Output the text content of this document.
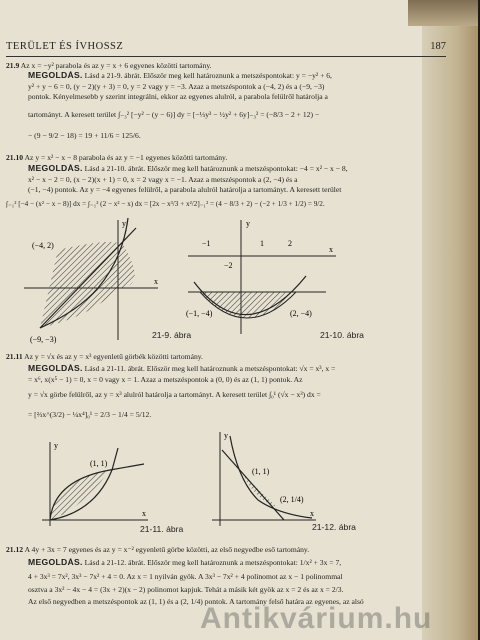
TERÜLET ÉS ÍVHOSSZ	187
21.9 Az x = −y² parabola és az y = x + 6 egyenes közötti tartomány.
MEGOLDÁS. Lásd a 21-9. ábrát. Először meg kell határoznunk a metszéspontokat: y = −y² + 6,
y² + y − 6 = 0, (y − 2)(y + 3) = 0, y = 2 vagy y = −3. Azaz a metszéspontok a (−4, 2) és a (−9, −3)
pontok. Kényelmesebb y szerint integrálni, ekkor az egyenes alulról, a parabola felülről határolja a
tartományt. A keresett terület ∫₋₃² [−y² − (y − 6)] dy = [−⅓y³ − ½y² + 6y]₋₃² = (−8/3 − 2 + 12) −
− (9 − 9/2 − 18) = 19 + 11/6 = 125/6.
21.10 Az y = x² − x − 8 parabola és az y = −1 egyenes közötti tartomány.
MEGOLDÁS. Lásd a 21-10. ábrát. Először meg kell határoznunk a metszéspontokat: −4 = x² − x − 8,
x² − x − 2 = 0, (x − 2)(x + 1) = 0, x = 2 vagy x = −1. Azaz a metszéspontok a (2, −4) és a
(−1, −4) pontok. Az y = −4 egyenes felülről, a parabola alulról határolja a tartományt. A keresett terület
∫₋₁² [−4 − (x² − x − 8)] dx = ∫₋₁² (2 − x² − x) dx = [2x − x³/3 + x²/2]₋₁² = (4 − 8/3 + 2) − (−2 + 1/3 + 1/2) = 9/2.
y
x
(−4, 2)
(−9, −3)	21-9. ábra
y
x
−1	1	2
−2
(−1, −4)	(2, −4)
21-10. ábra
21.11 Az y = √x és az y = x³ egyenletű görbék közötti tartomány.
MEGOLDÁS. Lásd a 21-11. ábrát. Először meg kell határoznunk a metszéspontokat: √x = x³, x =
= x⁶, x(x⁵ − 1) = 0, x = 0 vagy x = 1. Azaz a metszéspontok a (0, 0) és az (1, 1) pontok. Az
y = √x görbe felülről, az y = x³ alulról határolja a tartományt. A keresett terület ∫₀¹ (√x − x³) dx =
= [⅔x^(3/2) − ¼x⁴]₀¹ = 2/3 − 1/4 = 5/12.
y
x
(1, 1)
21-11. ábra
y
x
(1, 1)
(2, 1/4)
21-12. ábra
21.12 A 4y + 3x = 7 egyenes és az y = x⁻² egyenletű görbe közötti, az első negyedbe eső tartomány.
MEGOLDÁS. Lásd a 21-12. ábrát. Először meg kell határoznunk a metszéspontokat: 1/x² + 3x = 7,
4 + 3x³ = 7x², 3x³ − 7x² + 4 = 0. Az x = 1 nyilván gyök. A 3x³ − 7x² + 4 polinomot az x − 1 polinommal
osztva a 3x² − 4x − 4 = (3x + 2)(x − 2) polinomot kapjuk. Tehát a másik két gyök az x = 2 és az x = 2/3.
Az első negyedben a metszéspontok az (1, 1) és a (2, 1/4) pontok. A tartomány felső határa az egyenes, az alsó
Antikvárium.hu
